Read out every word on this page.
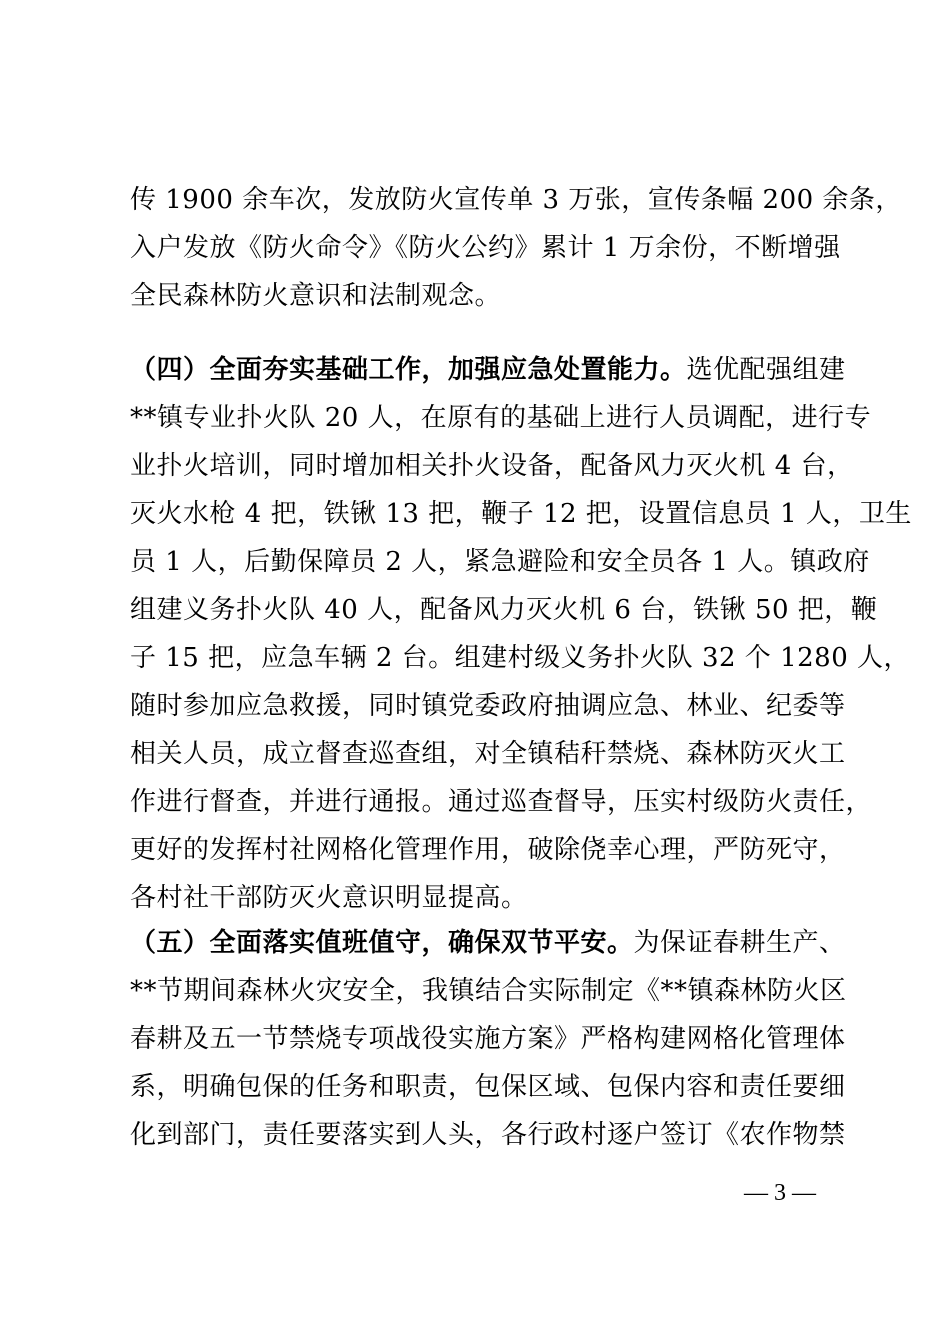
传 1900 余车次，发放防火宣传单 3 万张，宣传条幅 200 余条，
入户发放《防火命令》《防火公约》累计 1 万余份，不断增强
全民森林防火意识和法制观念。
（四）全面夯实基础工作，加强应急处置能力。选优配强组建
**镇专业扑火队 20 人，在原有的基础上进行人员调配，进行专
业扑火培训，同时增加相关扑火设备，配备风力灭火机 4 台，
灭火水枪 4 把，铁锹 13 把，鞭子 12 把，设置信息员 1 人，卫生
员 1 人，后勤保障员 2 人，紧急避险和安全员各 1 人。镇政府
组建义务扑火队 40 人，配备风力灭火机 6 台，铁锹 50 把，鞭
子 15 把，应急车辆 2 台。组建村级义务扑火队 32 个 1280 人，
随时参加应急救援，同时镇党委政府抽调应急、林业、纪委等
相关人员，成立督查巡查组，对全镇秸秆禁烧、森林防灭火工
作进行督查，并进行通报。通过巡查督导，压实村级防火责任，
更好的发挥村社网格化管理作用，破除侥幸心理，严防死守，
各村社干部防灭火意识明显提高。
（五）全面落实值班值守，确保双节平安。为保证春耕生产、
**节期间森林火灾安全，我镇结合实际制定《**镇森林防火区
春耕及五一节禁烧专项战役实施方案》严格构建网格化管理体
系，明确包保的任务和职责，包保区域、包保内容和责任要细
化到部门，责任要落实到人头，各行政村逐户签订《农作物禁
— 3 —
